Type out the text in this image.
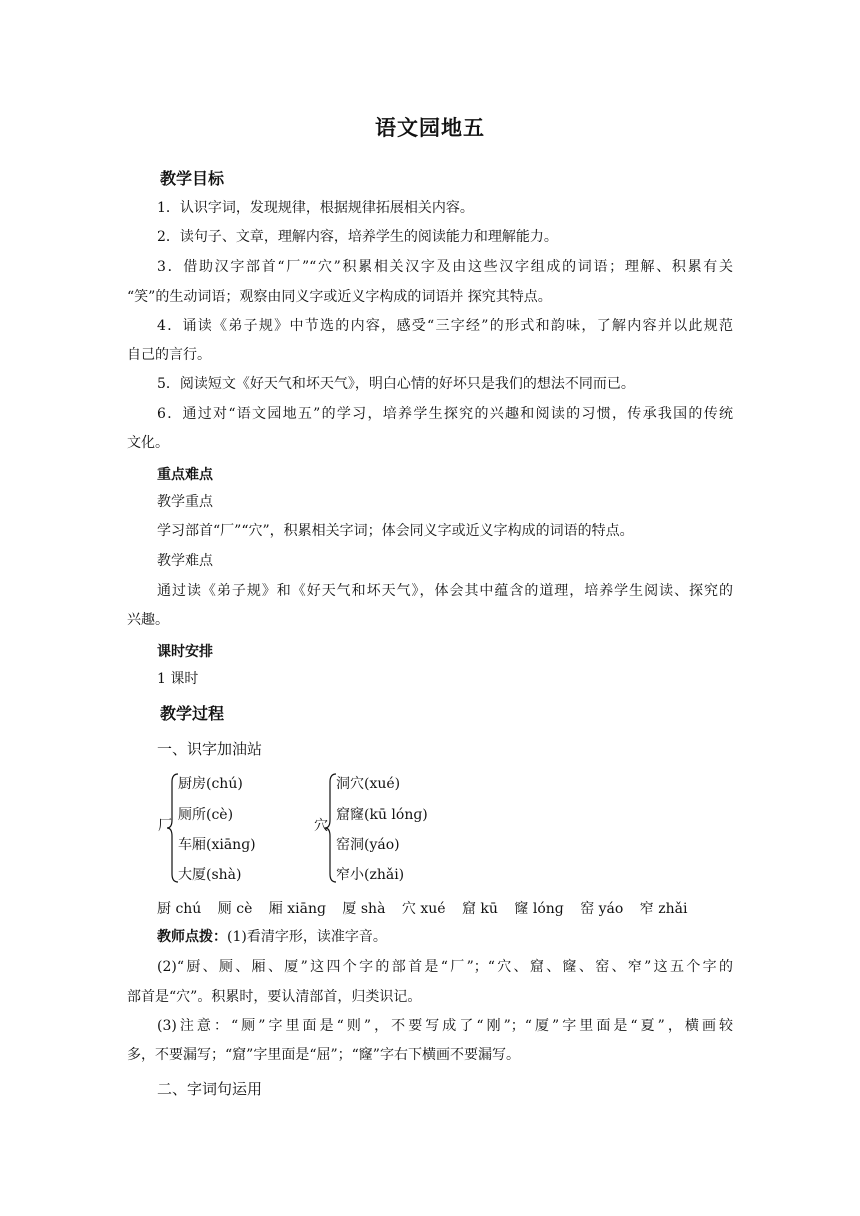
语文园地五
教学目标
1．认识字词，发现规律，根据规律拓展相关内容。
2．读句子、文章，理解内容，培养学生的阅读能力和理解能力。
3．借助汉字部首“厂”“穴”积累相关汉字及由这些汉字组成的词语；理解、积累有关
“笑”的生动词语；观察由同义字或近义字构成的词语并 探究其特点。
4．诵读《弟子规》中节选的内容，感受“三字经”的形式和韵味，了解内容并以此规范
自己的言行。
5．阅读短文《好天气和坏天气》，明白心情的好坏只是我们的想法不同而已。
6．通过对“语文园地五”的学习，培养学生探究的兴趣和阅读的习惯，传承我国的传统
文化。
重点难点
教学重点
学习部首“厂”“穴”，积累相关字词；体会同义字或近义字构成的词语的特点。
教学难点
通过读《弟子规》和《好天气和坏天气》，体会其中蕴含的道理，培养学生阅读、探究的
兴趣。
课时安排
1 课时
教学过程
一、识字加油站
厂
厨房(chú)
厕所(cè)
车厢(xiānɡ)
大厦(shà)
穴
洞穴(xué)
窟窿(kū lónɡ)
窑洞(yáo)
窄小(zhǎi)
厨 chú 厕 cè 厢 xiānɡ 厦 shà 穴 xué 窟 kū 窿 lónɡ 窑 yáo 窄 zhǎi
教师点拨：(1)看清字形，读准字音。
(2)“厨、厕、厢、厦”这四个字的部首是“厂”；“穴、窟、窿、窑、窄”这五个字的
部首是“穴”。积累时，要认清部首，归类识记。
(3)注意：“厕”字里面是“则”，不要写成了“刚”；“厦”字里面是“夏”，横画较
多，不要漏写；“窟”字里面是“屈”；“窿”字右下横画不要漏写。
二、字词句运用
